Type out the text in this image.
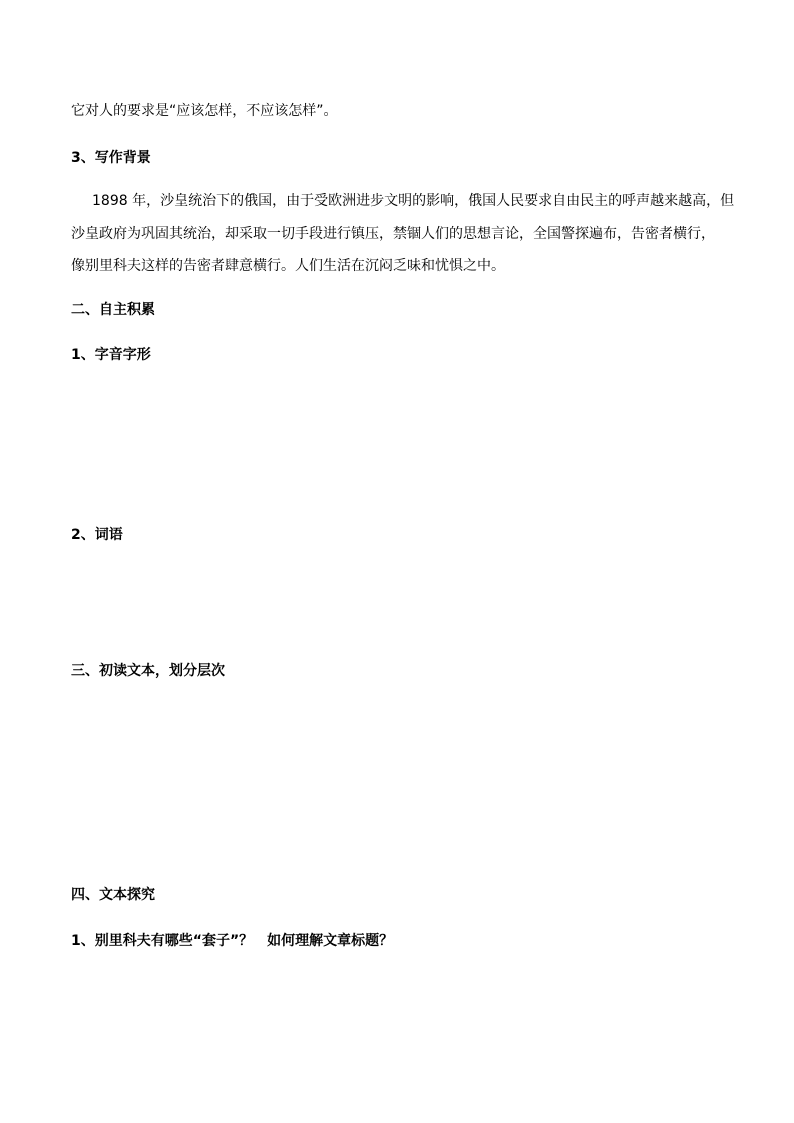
它对人的要求是“应该怎样，不应该怎样”。
3、写作背景
1898 年，沙皇统治下的俄国，由于受欧洲进步文明的影响，俄国人民要求自由民主的呼声越来越高，但
沙皇政府为巩固其统治，却采取一切手段进行镇压，禁锢人们的思想言论，全国警探遍布，告密者横行，
像别里科夫这样的告密者肆意横行。人们生活在沉闷乏味和忧惧之中。
二、自主积累
1、字音字形
2、词语
三、初读文本，划分层次
四、文本探究
1、别里科夫有哪些“套子”？　如何理解文章标题？
